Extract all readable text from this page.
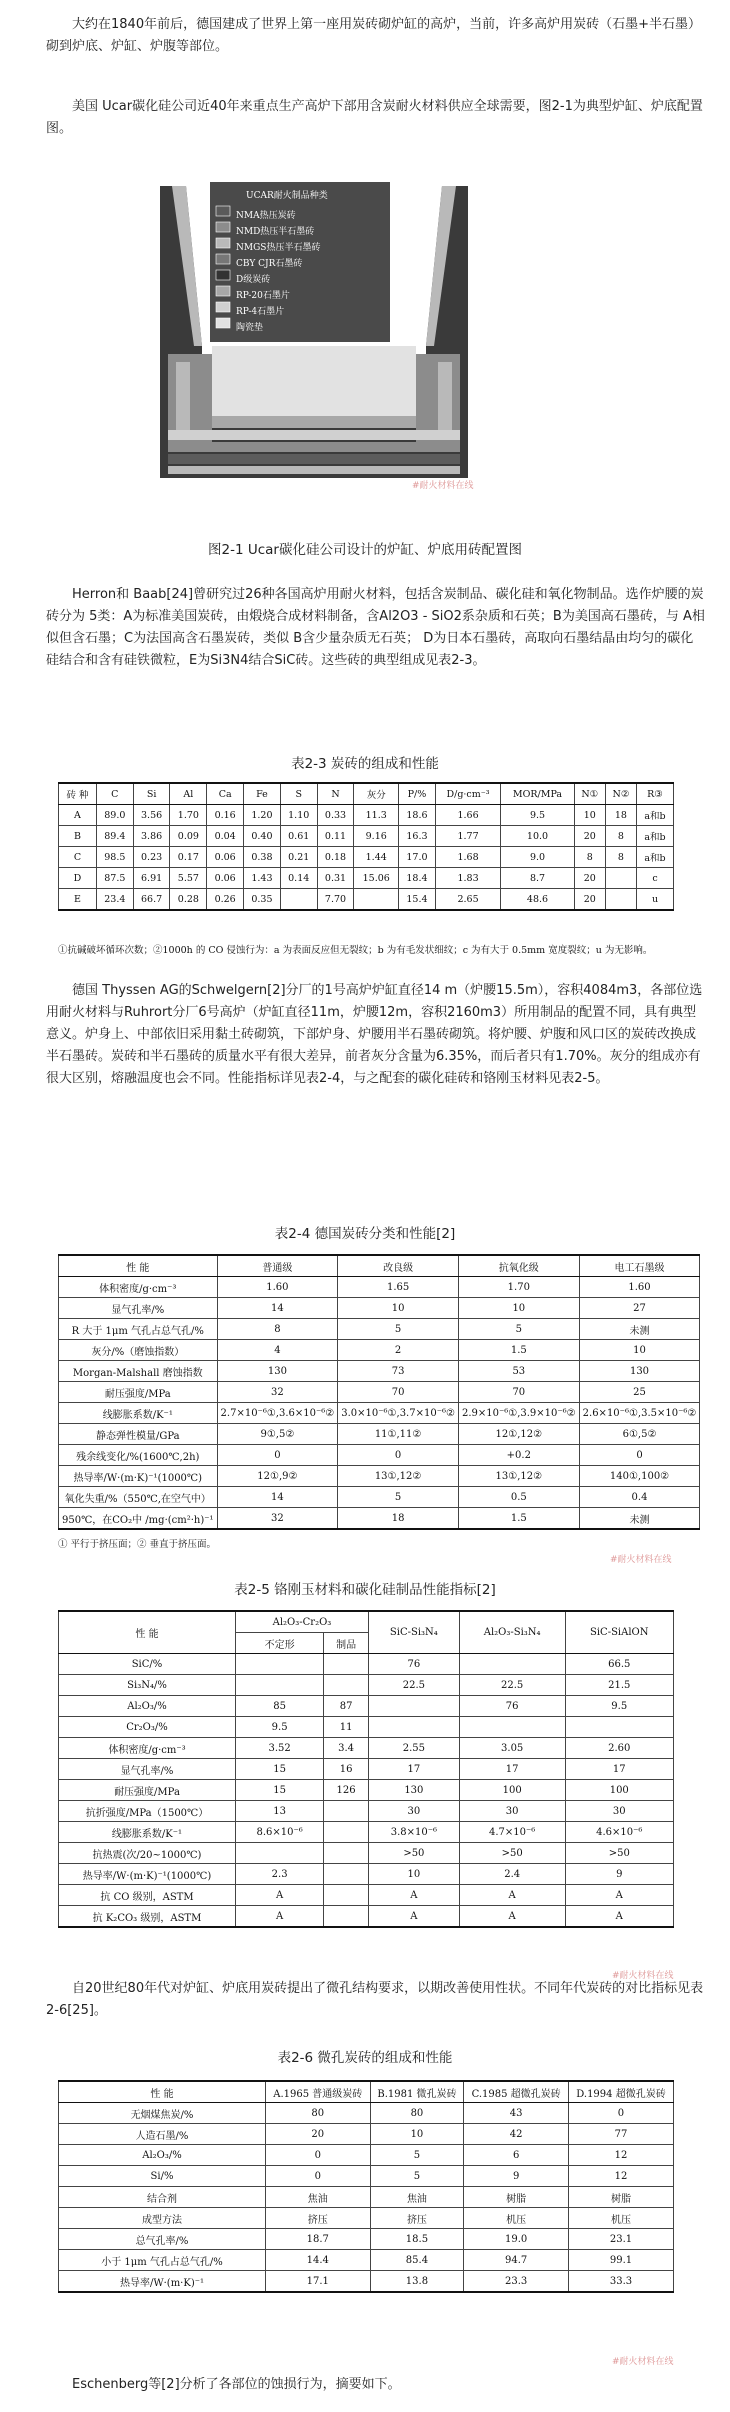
大约在1840年前后，德国建成了世界上第一座用炭砖砌炉缸的高炉，当前，许多高炉用炭砖（石墨+半石墨）砌到炉底、炉缸、炉腹等部位。
美国 Ucar碳化硅公司近40年来重点生产高炉下部用含炭耐火材料供应全球需要，图2-1为典型炉缸、炉底配置图。
UCAR耐火制品种类
NMA热压炭砖
NMD热压半石墨砖
NMGS热压半石墨砖
CBY CJR石墨砖
D级炭砖
RP-20石墨片
RP-4石墨片
陶瓷垫
#耐火材料在线
图2-1 Ucar碳化硅公司设计的炉缸、炉底用砖配置图
Herron和 Baab[24]曾研究过26种各国高炉用耐火材料，包括含炭制品、碳化硅和氧化物制品。选作炉腰的炭砖分为 5类：A为标准美国炭砖，由煅烧合成材料制备，含Al2O3 - SiO2系杂质和石英；B为美国高石墨砖，与 A相似但含石墨；C为法国高含石墨炭砖，类似 B含少量杂质无石英； D为日本石墨砖，高取向石墨结晶由均匀的碳化硅结合和含有硅铁微粒，E为Si3N4结合SiC砖。这些砖的典型组成见表2-3。
表2-3 炭砖的组成和性能
砖 种	C	Si	Al	Ca	Fe	S	N	灰分	P/%	D/g·cm⁻³	MOR/MPa	N①	N②	R③
A	89.0	3.56	1.70	0.16	1.20	1.10	0.33	11.3	18.6	1.66	9.5	10	18	a和b
B	89.4	3.86	0.09	0.04	0.40	0.61	0.11	9.16	16.3	1.77	10.0	20	8	a和b
C	98.5	0.23	0.17	0.06	0.38	0.21	0.18	1.44	17.0	1.68	9.0	8	8	a和b
D	87.5	6.91	5.57	0.06	1.43	0.14	0.31	15.06	18.4	1.83	8.7	20		c
E	23.4	66.7	0.28	0.26	0.35		7.70		15.4	2.65	48.6	20		u
①抗碱破坏循环次数；②1000h 的 CO 侵蚀行为：a 为表面反应但无裂纹；b 为有毛发状细纹；c 为有大于 0.5mm 宽度裂纹；u 为无影响。
德国 Thyssen AG的Schwelgern[2]分厂的1号高炉炉缸直径14 m（炉腰15.5m），容积4084m3，各部位选用耐火材料与Ruhrort分厂6号高炉（炉缸直径11m，炉腰12m，容积2160m3）所用制品的配置不同，具有典型意义。炉身上、中部依旧采用黏土砖砌筑，下部炉身、炉腰用半石墨砖砌筑。将炉腰、炉腹和风口区的炭砖改换成半石墨砖。炭砖和半石墨砖的质量水平有很大差异，前者灰分含量为6.35%，而后者只有1.70%。灰分的组成亦有很大区别，熔融温度也会不同。性能指标详见表2-4，与之配套的碳化硅砖和铬刚玉材料见表2-5。
表2-4 德国炭砖分类和性能[2]
性 能	普通级	改良级	抗氧化级	电工石墨级
体积密度/g·cm⁻³	1.60	1.65	1.70	1.60
显气孔率/%	14	10	10	27
R 大于 1μm 气孔占总气孔/%	8	5	5	未测
灰分/%（磨蚀指数）	4	2	1.5	10
Morgan-Malshall 磨蚀指数	130	73	53	130
耐压强度/MPa	32	70	70	25
线膨胀系数/K⁻¹	2.7×10⁻⁶①,3.6×10⁻⁶②	3.0×10⁻⁶①,3.7×10⁻⁶②	2.9×10⁻⁶①,3.9×10⁻⁶②	2.6×10⁻⁶①,3.5×10⁻⁶②
静态弹性模量/GPa	9①,5②	11①,11②	12①,12②	6①,5②
残余线变化/%(1600℃,2h)	0	0	+0.2	0
热导率/W·(m·K)⁻¹(1000℃)	12①,9②	13①,12②	13①,12②	140①,100②
氧化失重/%（550℃,在空气中）	14	5	0.5	0.4
950℃，在CO₂中 /mg·(cm²·h)⁻¹	32	18	1.5	未测
① 平行于挤压面；② 垂直于挤压面。
#耐火材料在线
表2-5 铬刚玉材料和碳化硅制品性能指标[2]
性 能	Al₂O₃-Cr₂O₃		SiC-Si₃N₄	Al₂O₃-Si₃N₄	SiC-SiAlON
	不定形	制品			
SiC/%			76		66.5
Si₃N₄/%			22.5	22.5	21.5
Al₂O₃/%	85	87		76	9.5
Cr₂O₃/%	9.5	11			
体积密度/g·cm⁻³	3.52	3.4	2.55	3.05	2.60
显气孔率/%	15	16	17	17	17
耐压强度/MPa	15	126	130	100	100
抗折强度/MPa（1500℃）	13		30	30	30
线膨胀系数/K⁻¹	8.6×10⁻⁶		3.8×10⁻⁶	4.7×10⁻⁶	4.6×10⁻⁶
抗热震(次/20~1000℃)			>50	>50	>50
热导率/W·(m·K)⁻¹(1000℃)	2.3		10	2.4	9
抗 CO 级别，ASTM	A		A	A	A
抗 K₂CO₃ 级别，ASTM	A		A	A	A
#耐火材料在线
自20世纪80年代对炉缸、炉底用炭砖提出了微孔结构要求，以期改善使用性状。不同年代炭砖的对比指标见表2-6[25]。
表2-6 微孔炭砖的组成和性能
性 能	A.1965 普通级炭砖	B.1981 微孔炭砖	C.1985 超微孔炭砖	D.1994 超微孔炭砖
无烟煤焦炭/%	80	80	43	0
人造石墨/%	20	10	42	77
Al₂O₃/%	0	5	6	12
Si/%	0	5	9	12
结合剂	焦油	焦油	树脂	树脂
成型方法	挤压	挤压	机压	机压
总气孔率/%	18.7	18.5	19.0	23.1
小于 1μm 气孔占总气孔/%	14.4	85.4	94.7	99.1
热导率/W·(m·K)⁻¹	17.1	13.8	23.3	33.3
#耐火材料在线
Eschenberg等[2]分析了各部位的蚀损行为，摘要如下。
